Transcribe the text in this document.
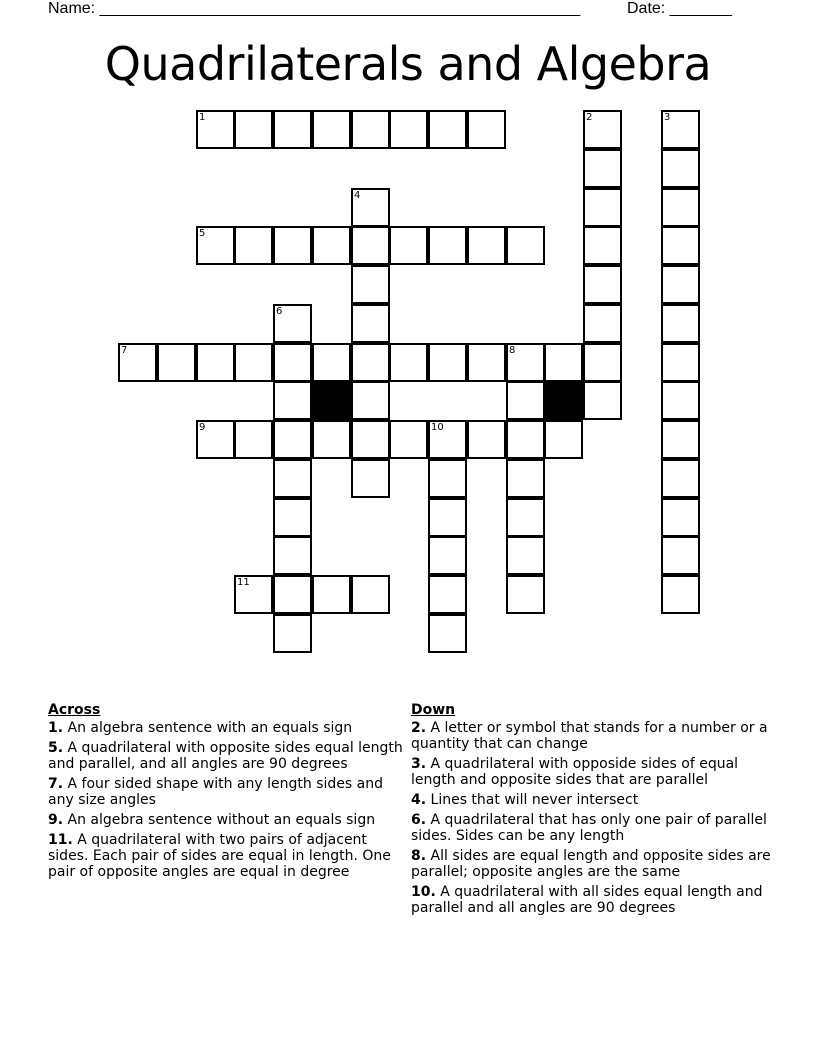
Name: ______________________________________________________	Date: _______
Quadrilaterals and Algebra
1
5
7	8
9	10
11
2	3
4
6
Across
1. An algebra sentence with an equals sign
5. A quadrilateral with opposite sides equal length and parallel, and all angles are 90 degrees
7. A four sided shape with any length sides and any size angles
9. An algebra sentence without an equals sign
11. A quadrilateral with two pairs of adjacent sides. Each pair of sides are equal in length. One pair of opposite angles are equal in degree
Down
2. A letter or symbol that stands for a number or a quantity that can change
3. A quadrilateral with opposide sides of equal length and opposite sides that are parallel
4. Lines that will never intersect
6. A quadrilateral that has only one pair of parallel sides. Sides can be any length
8. All sides are equal length and opposite sides are parallel; opposite angles are the same
10. A quadrilateral with all sides equal length and parallel and all angles are 90 degrees
